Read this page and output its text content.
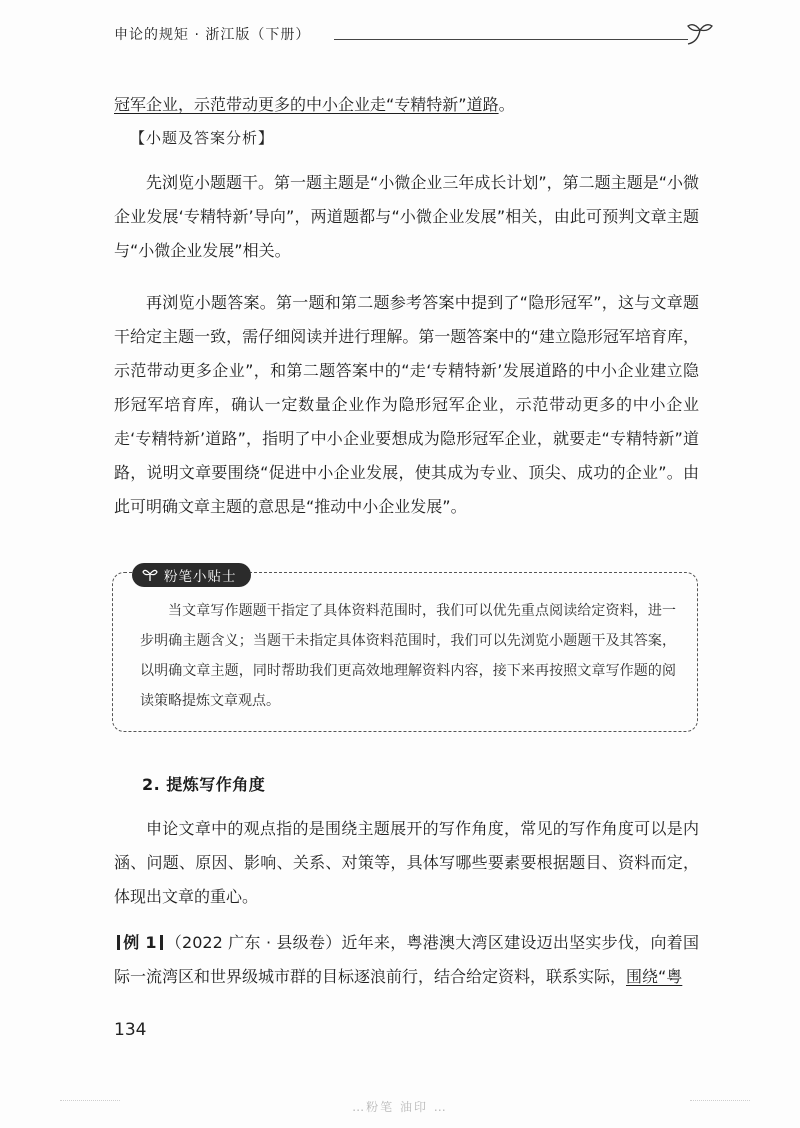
申论的规矩 · 浙江版（下册）

冠军企业，示范带动更多的中小企业走“专精特新”道路。

【小题及答案分析】

先浏览小题题干。第一题主题是“小微企业三年成长计划”，第二题主题是“小微企业发展‘专精特新’导向”，两道题都与“小微企业发展”相关，由此可预判文章主题与“小微企业发展”相关。

再浏览小题答案。第一题和第二题参考答案中提到了“隐形冠军”，这与文章题干给定主题一致，需仔细阅读并进行理解。第一题答案中的“建立隐形冠军培育库，示范带动更多企业”，和第二题答案中的“走‘专精特新’发展道路的中小企业建立隐形冠军培育库，确认一定数量企业作为隐形冠军企业，示范带动更多的中小企业走‘专精特新’道路”，指明了中小企业要想成为隐形冠军企业，就要走“专精特新”道路，说明文章要围绕“促进中小企业发展，使其成为专业、顶尖、成功的企业”。由此可明确文章主题的意思是“推动中小企业发展”。

粉笔小贴士

当文章写作题题干指定了具体资料范围时，我们可以优先重点阅读给定资料，进一步明确主题含义；当题干未指定具体资料范围时，我们可以先浏览小题题干及其答案，以明确文章主题，同时帮助我们更高效地理解资料内容，接下来再按照文章写作题的阅读策略提炼文章观点。

2. 提炼写作角度

申论文章中的观点指的是围绕主题展开的写作角度，常见的写作角度可以是内涵、问题、原因、影响、关系、对策等，具体写哪些要素要根据题目、资料而定，体现出文章的重心。

例 1 （2022 广东 · 县级卷）近年来，粤港澳大湾区建设迈出坚实步伐，向着国际一流湾区和世界级城市群的目标逐浪前行，结合给定资料，联系实际，围绕“粤

134
…粉笔 油印 …
